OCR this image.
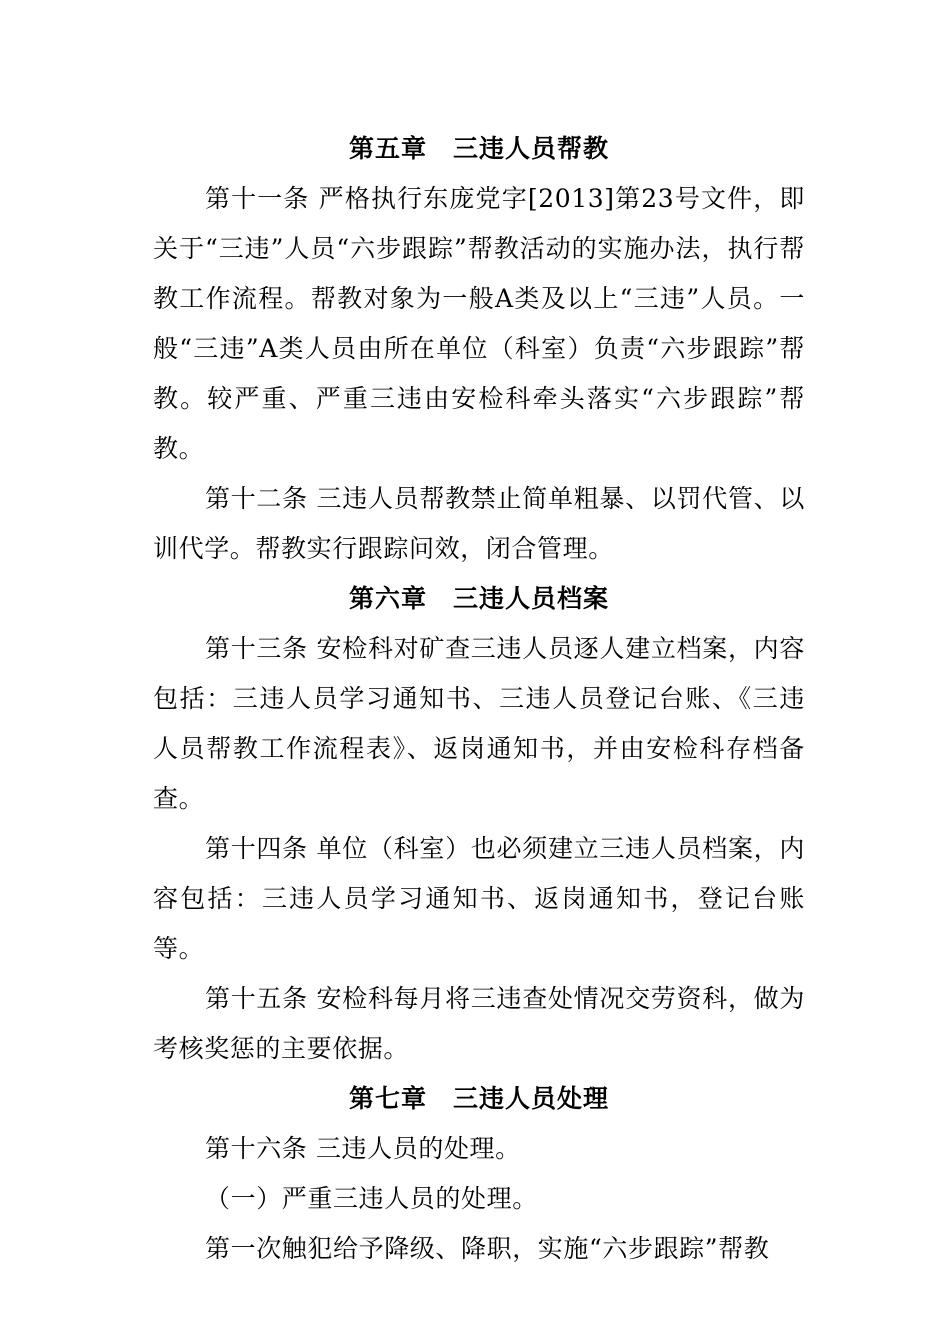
第五章　三违人员帮教

第十一条 严格执行东庞党字[2013]第23号文件，即关于“三违”人员“六步跟踪”帮教活动的实施办法，执行帮教工作流程。帮教对象为一般A类及以上“三违”人员。一般“三违”A类人员由所在单位（科室）负责“六步跟踪”帮教。较严重、严重三违由安检科牵头落实“六步跟踪”帮教。

第十二条 三违人员帮教禁止简单粗暴、以罚代管、以训代学。帮教实行跟踪问效，闭合管理。

第六章　三违人员档案

第十三条 安检科对矿查三违人员逐人建立档案，内容包括：三违人员学习通知书、三违人员登记台账、《三违人员帮教工作流程表》、返岗通知书，并由安检科存档备查。

第十四条 单位（科室）也必须建立三违人员档案，内容包括：三违人员学习通知书、返岗通知书，登记台账等。

第十五条 安检科每月将三违查处情况交劳资科，做为考核奖惩的主要依据。

第七章　三违人员处理

第十六条 三违人员的处理。

（一）严重三违人员的处理。

第一次触犯给予降级、降职，实施“六步跟踪”帮教
